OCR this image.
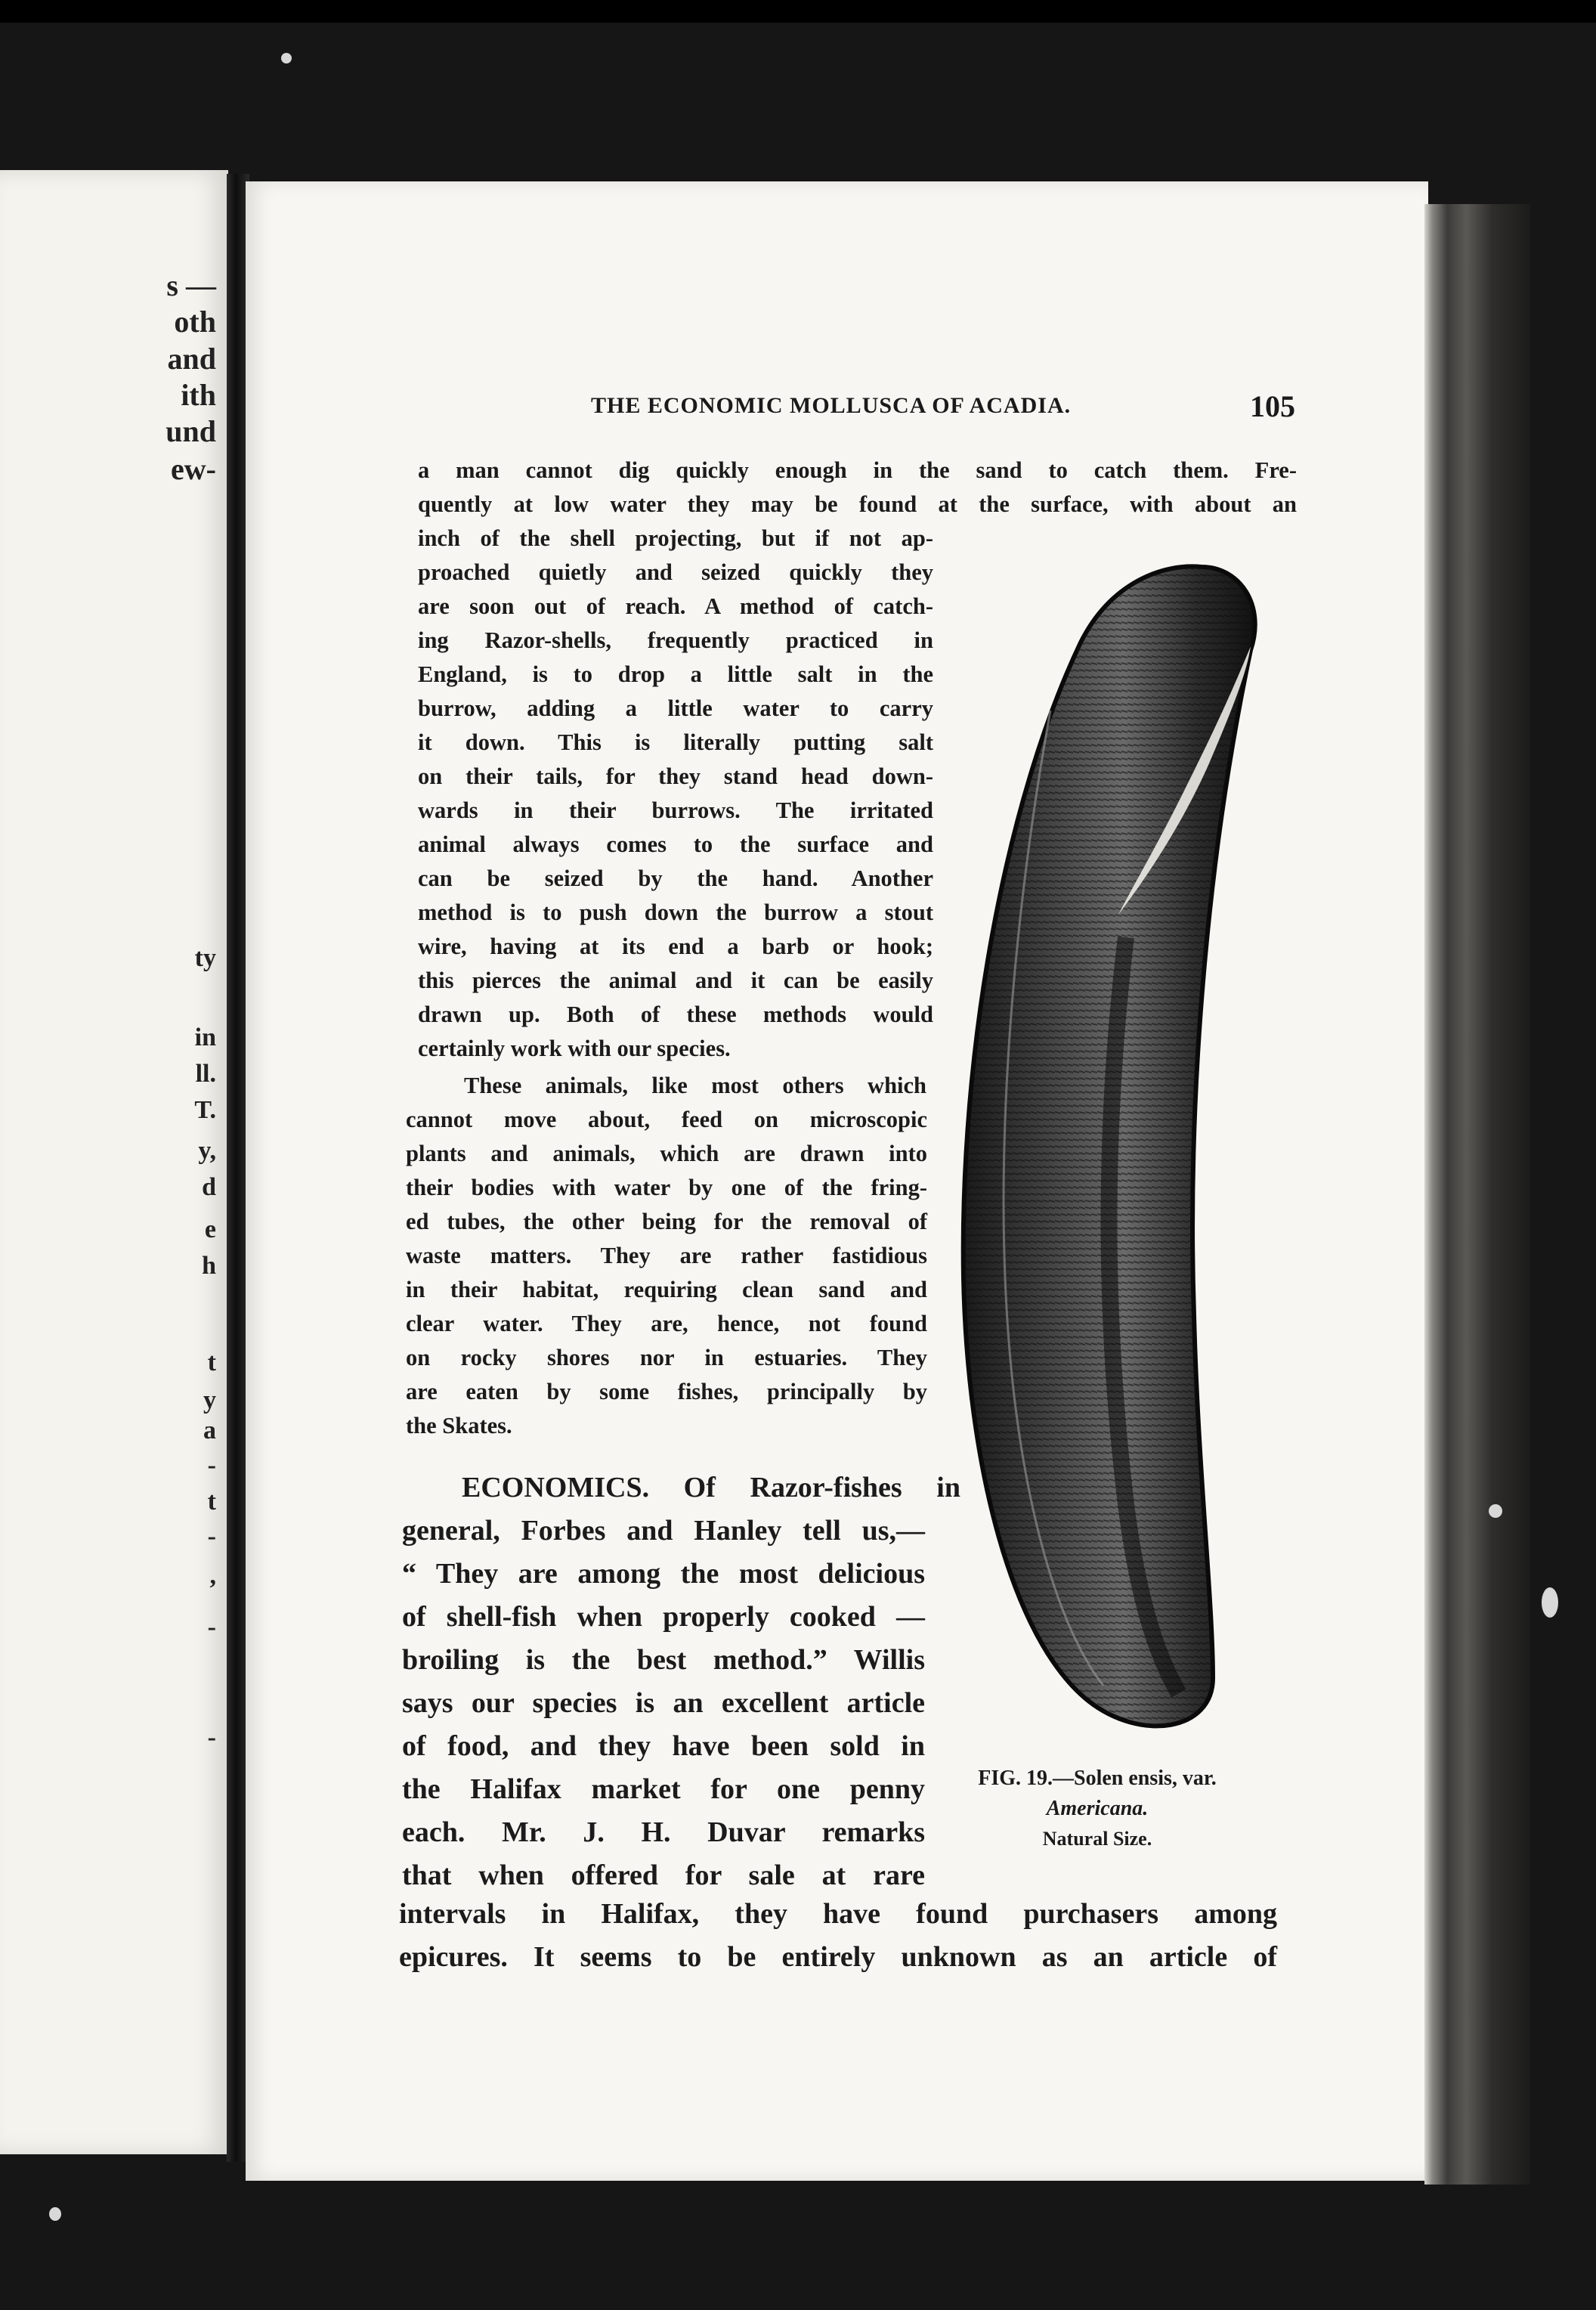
s —
oth
and
ith
und
ew-
ty
in
ll.
T.
y,
d
e
h
t
y
a
-
t
-
,
-
-
THE ECONOMIC MOLLUSCA OF ACADIA.	105
a man cannot dig quickly enough in the sand to catch them. Fre-
quently at low water they may be found at the surface, with about an
inch of the shell projecting, but if not ap-
proached quietly and seized quickly they
are soon out of reach. A method of catch-
ing Razor-shells, frequently practiced in
England, is to drop a little salt in the
burrow, adding a little water to carry
it down. This is literally putting salt
on their tails, for they stand head down-
wards in their burrows. The irritated
animal always comes to the surface and
can be seized by the hand. Another
method is to push down the burrow a stout
wire, having at its end a barb or hook;
this pierces the animal and it can be easily
drawn up. Both of these methods would
certainly work with our species.
These animals, like most others which
cannot move about, feed on microscopic
plants and animals, which are drawn into
their bodies with water by one of the fring-
ed tubes, the other being for the removal of
waste matters. They are rather fastidious
in their habitat, requiring clean sand and
clear water. They are, hence, not found
on rocky shores nor in estuaries. They
are eaten by some fishes, principally by
the Skates.
ECONOMICS. Of Razor-fishes in
general, Forbes and Hanley tell us,—
“ They are among the most delicious
of shell-fish when properly cooked —
broiling is the best method.” Willis
says our species is an excellent article
of food, and they have been sold in
the Halifax market for one penny
each. Mr. J. H. Duvar remarks
that when offered for sale at rare
intervals in Halifax, they have found purchasers among
epicures. It seems to be entirely unknown as an article of
FIG. 19.—Solen ensis, var.
Americana.
Natural Size.
